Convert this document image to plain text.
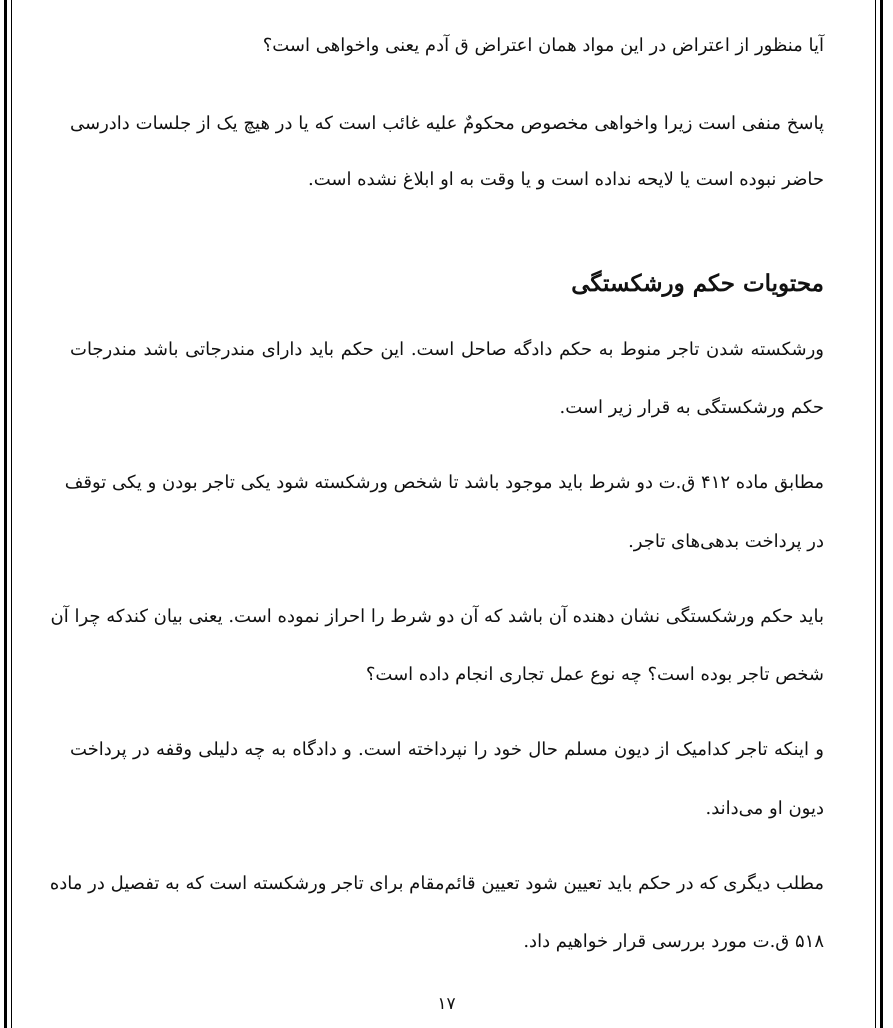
آیا منظور از اعتراض در این مواد همان اعتراض ق آدم یعنی واخواهی است؟
پاسخ منفی است زیرا واخواهی مخصوص محکومٌ علیه غائب است که یا در هیچ یک از جلسات دادرسی
حاضر نبوده است یا لایحه نداده است و یا وقت به او ابلاغ نشده است.
محتویات حکم ورشکستگی
ورشکسته شدن تاجر منوط به حکم دادگه صاحل است. این حکم باید دارای مندرجاتی باشد مندرجات
حکم ورشکستگی به قرار زیر است.
مطابق ماده ۴۱۲ ق.ت دو شرط باید موجود باشد تا شخص ورشکسته شود یکی تاجر بودن و یکی توقف
در پرداخت بدهی‌های تاجر.
باید حکم ورشکستگی نشان دهنده آن باشد که آن دو شرط را احراز نموده است. یعنی بیان کندکه چرا آن
شخص تاجر بوده است؟ چه نوع عمل تجاری انجام داده است؟
و اینکه تاجر کدامیک از دیون مسلم حال خود را نپرداخته است. و دادگاه به چه دلیلی وقفه در پرداخت
دیون او می‌داند.
مطلب دیگری که در حکم باید تعیین شود تعیین قائم‌مقام برای تاجر ورشکسته است که به تفصیل در ماده
۵۱۸ ق.ت مورد بررسی قرار خواهیم داد.
۱۷
